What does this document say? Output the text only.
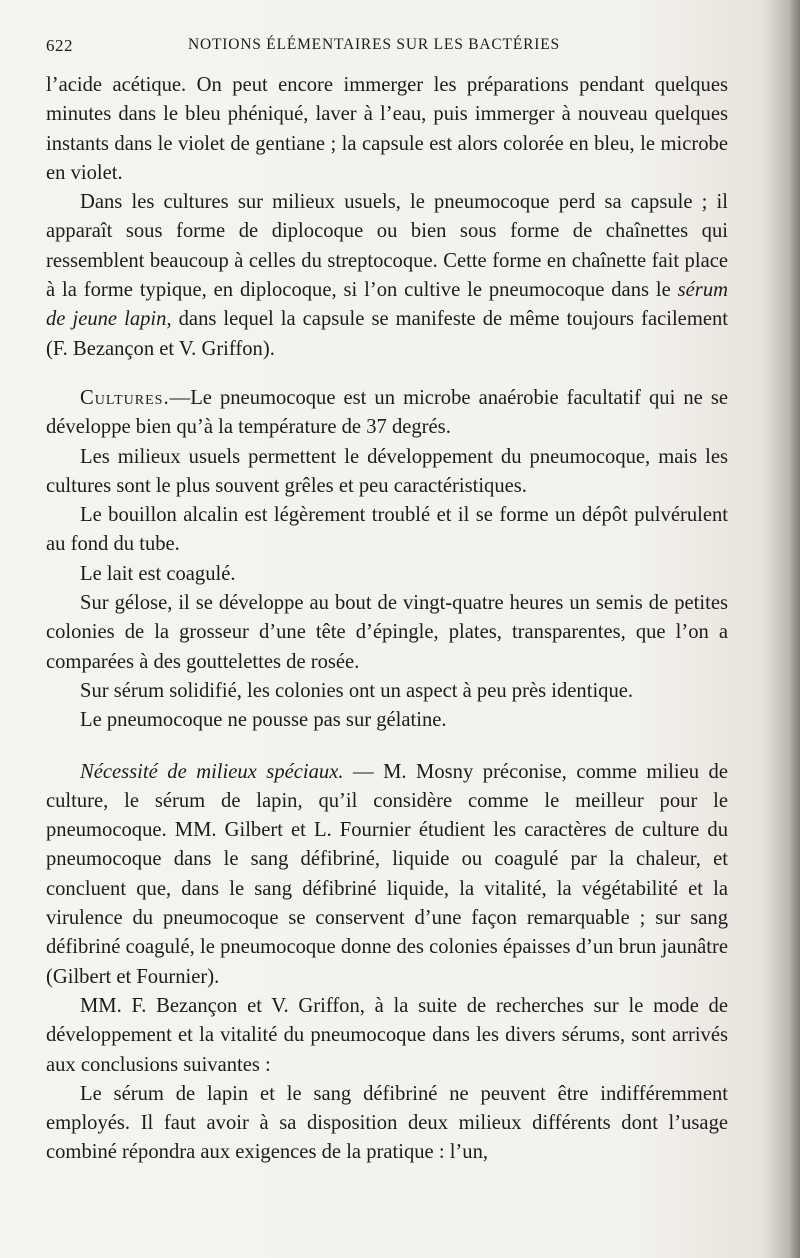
622	NOTIONS ÉLÉMENTAIRES SUR LES BACTÉRIES

l’acide acétique. On peut encore immerger les préparations pendant quelques minutes dans le bleu phéniqué, laver à l’eau, puis immerger à nouveau quelques instants dans le violet de gentiane ; la capsule est alors colorée en bleu, le microbe en violet.

Dans les cultures sur milieux usuels, le pneumocoque perd sa capsule ; il apparaît sous forme de diplocoque ou bien sous forme de chaînettes qui ressemblent beaucoup à celles du streptocoque. Cette forme en chaînette fait place à la forme typique, en diplocoque, si l’on cultive le pneumocoque dans le sérum de jeune lapin, dans lequel la capsule se manifeste de même toujours facilement (F. Bezançon et V. Griffon).

Cultures.—Le pneumocoque est un microbe anaérobie facultatif qui ne se développe bien qu’à la température de 37 degrés.

Les milieux usuels permettent le développement du pneumocoque, mais les cultures sont le plus souvent grêles et peu caractéristiques.

Le bouillon alcalin est légèrement troublé et il se forme un dépôt pulvérulent au fond du tube.

Le lait est coagulé.

Sur gélose, il se développe au bout de vingt-quatre heures un semis de petites colonies de la grosseur d’une tête d’épingle, plates, transparentes, que l’on a comparées à des gouttelettes de rosée.

Sur sérum solidifié, les colonies ont un aspect à peu près identique.

Le pneumocoque ne pousse pas sur gélatine.

Nécessité de milieux spéciaux. — M. Mosny préconise, comme milieu de culture, le sérum de lapin, qu’il considère comme le meilleur pour le pneumocoque. MM. Gilbert et L. Fournier étudient les caractères de culture du pneumocoque dans le sang défibriné, liquide ou coagulé par la chaleur, et concluent que, dans le sang défibriné liquide, la vitalité, la végétabilité et la virulence du pneumocoque se conservent d’une façon remarquable ; sur sang défibriné coagulé, le pneumocoque donne des colonies épaisses d’un brun jaunâtre (Gilbert et Fournier).

MM. F. Bezançon et V. Griffon, à la suite de recherches sur le mode de développement et la vitalité du pneumocoque dans les divers sérums, sont arrivés aux conclusions suivantes :

Le sérum de lapin et le sang défibriné ne peuvent être indifféremment employés. Il faut avoir à sa disposition deux milieux différents dont l’usage combiné répondra aux exigences de la pratique : l’un,
